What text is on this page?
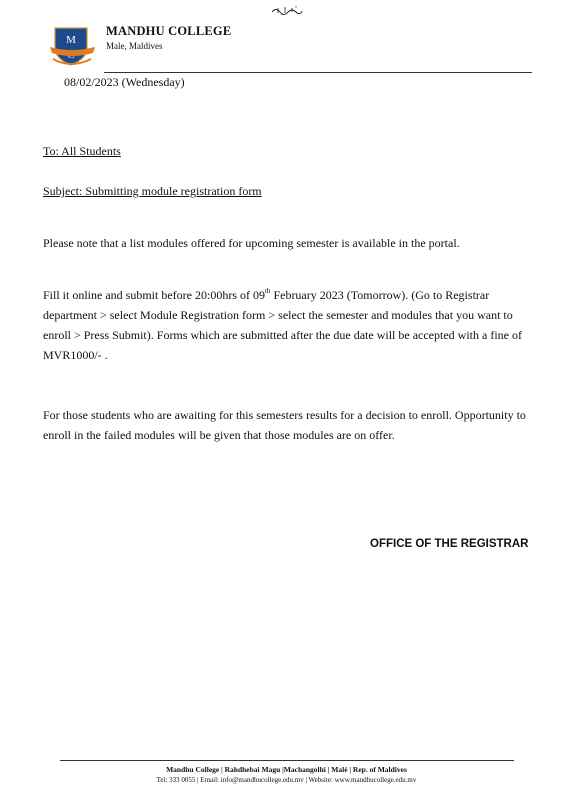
M
MANDHU COLLEGE
Male, Maldives
08/02/2023 (Wednesday)
To: All Students
Subject: Submitting module registration form

Please note that a list modules offered for upcoming semester is available in the portal.

Fill it online and submit before 20:00hrs of 09th February 2023 (Tomorrow). (Go to Registrar department > select Module Registration form > select the semester and modules that you want to enroll > Press Submit). Forms which are submitted after the due date will be accepted with a fine of MVR1000/- .

For those students who are awaiting for this semesters results for a decision to enroll. Opportunity to enroll in the failed modules will be given that those modules are on offer.

OFFICE OF THE REGISTRAR
Mandhu College | Rahdhebai Magu |Machangolhi | Malé | Rep. of Maldives
Tel: 333 0055 | Email: info@mandhucollege.edu.mv | Website: www.mandhucollege.edu.mv
